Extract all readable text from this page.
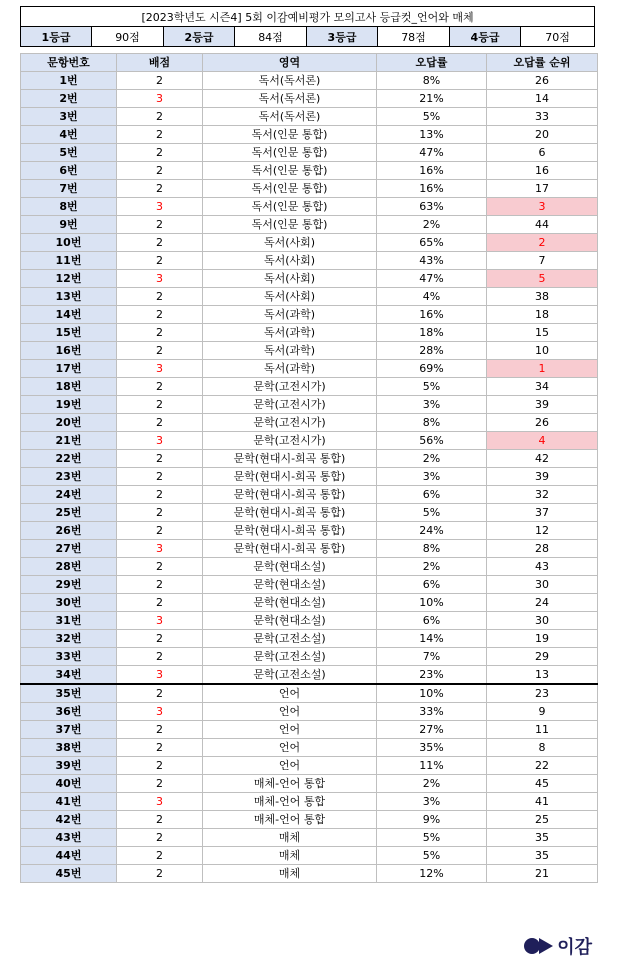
[2023학년도 시즌4] 5회 이감예비평가 모의고사 등급컷_언어와 매체
1등급	90점	2등급	84점	3등급	78점	4등급	70점
문항번호	배점	영역	오답률	오답률 순위
1번	2	독서(독서론)	8%	26
2번	3	독서(독서론)	21%	14
3번	2	독서(독서론)	5%	33
4번	2	독서(인문 통합)	13%	20
5번	2	독서(인문 통합)	47%	6
6번	2	독서(인문 통합)	16%	16
7번	2	독서(인문 통합)	16%	17
8번	3	독서(인문 통합)	63%	3
9번	2	독서(인문 통합)	2%	44
10번	2	독서(사회)	65%	2
11번	2	독서(사회)	43%	7
12번	3	독서(사회)	47%	5
13번	2	독서(사회)	4%	38
14번	2	독서(과학)	16%	18
15번	2	독서(과학)	18%	15
16번	2	독서(과학)	28%	10
17번	3	독서(과학)	69%	1
18번	2	문학(고전시가)	5%	34
19번	2	문학(고전시가)	3%	39
20번	2	문학(고전시가)	8%	26
21번	3	문학(고전시가)	56%	4
22번	2	문학(현대시-희곡 통합)	2%	42
23번	2	문학(현대시-희곡 통합)	3%	39
24번	2	문학(현대시-희곡 통합)	6%	32
25번	2	문학(현대시-희곡 통합)	5%	37
26번	2	문학(현대시-희곡 통합)	24%	12
27번	3	문학(현대시-희곡 통합)	8%	28
28번	2	문학(현대소설)	2%	43
29번	2	문학(현대소설)	6%	30
30번	2	문학(현대소설)	10%	24
31번	3	문학(현대소설)	6%	30
32번	2	문학(고전소설)	14%	19
33번	2	문학(고전소설)	7%	29
34번	3	문학(고전소설)	23%	13
35번	2	언어	10%	23
36번	3	언어	33%	9
37번	2	언어	27%	11
38번	2	언어	35%	8
39번	2	언어	11%	22
40번	2	매체-언어 통합	2%	45
41번	3	매체-언어 통합	3%	41
42번	2	매체-언어 통합	9%	25
43번	2	매체	5%	35
44번	2	매체	5%	35
45번	2	매체	12%	21
이감
